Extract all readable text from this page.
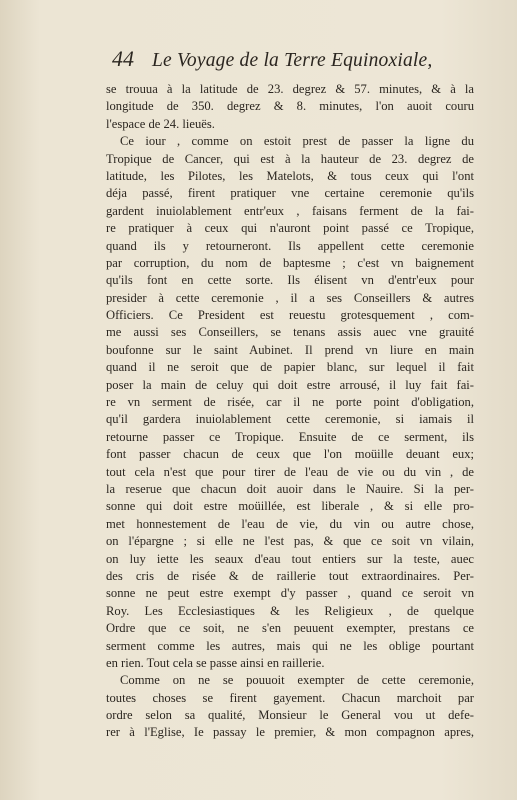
44 Le Voyage de la Terre Equinoxiale,
se trouua à la latitude de 23. degrez & 57. minutes, & à la
longitude de 350. degrez & 8. minutes, l'on auoit couru
l'espace de 24. lieuës.
Ce iour , comme on estoit prest de passer la ligne du
Tropique de Cancer, qui est à la hauteur de 23. degrez de
latitude, les Pilotes, les Matelots, & tous ceux qui l'ont
déja passé, firent pratiquer vne certaine ceremonie qu'ils
gardent inuiolablement entr'eux , faisans ferment de la fai-
re pratiquer à ceux qui n'auront point passé ce Tropique,
quand ils y retourneront. Ils appellent cette ceremonie
par corruption, du nom de baptesme ; c'est vn baignement
qu'ils font en cette sorte. Ils élisent vn d'entr'eux pour
presider à cette ceremonie , il a ses Conseillers & autres
Officiers. Ce President est reuestu grotesquement , com-
me aussi ses Conseillers, se tenans assis auec vne grauité
boufonne sur le saint Aubinet. Il prend vn liure en main
quand il ne seroit que de papier blanc, sur lequel il fait
poser la main de celuy qui doit estre arrousé, il luy fait fai-
re vn serment de risée, car il ne porte point d'obligation,
qu'il gardera inuiolablement cette ceremonie, si iamais il
retourne passer ce Tropique. Ensuite de ce serment, ils
font passer chacun de ceux que l'on moüille deuant eux;
tout cela n'est que pour tirer de l'eau de vie ou du vin , de
la reserue que chacun doit auoir dans le Nauire. Si la per-
sonne qui doit estre moüillée, est liberale , & si elle pro-
met honnestement de l'eau de vie, du vin ou autre chose,
on l'épargne ; si elle ne l'est pas, & que ce soit vn vilain,
on luy iette les seaux d'eau tout entiers sur la teste, auec
des cris de risée & de raillerie tout extraordinaires. Per-
sonne ne peut estre exempt d'y passer , quand ce seroit vn
Roy. Les Ecclesiastiques & les Religieux , de quelque
Ordre que ce soit, ne s'en peuuent exempter, prestans ce
serment comme les autres, mais qui ne les oblige pourtant
en rien. Tout cela se passe ainsi en raillerie.
Comme on ne se pouuoit exempter de cette ceremonie,
toutes choses se firent gayement. Chacun marchoit par
ordre selon sa qualité, Monsieur le General vou ut defe-
rer à l'Eglise, Ie passay le premier, & mon compagnon apres,
